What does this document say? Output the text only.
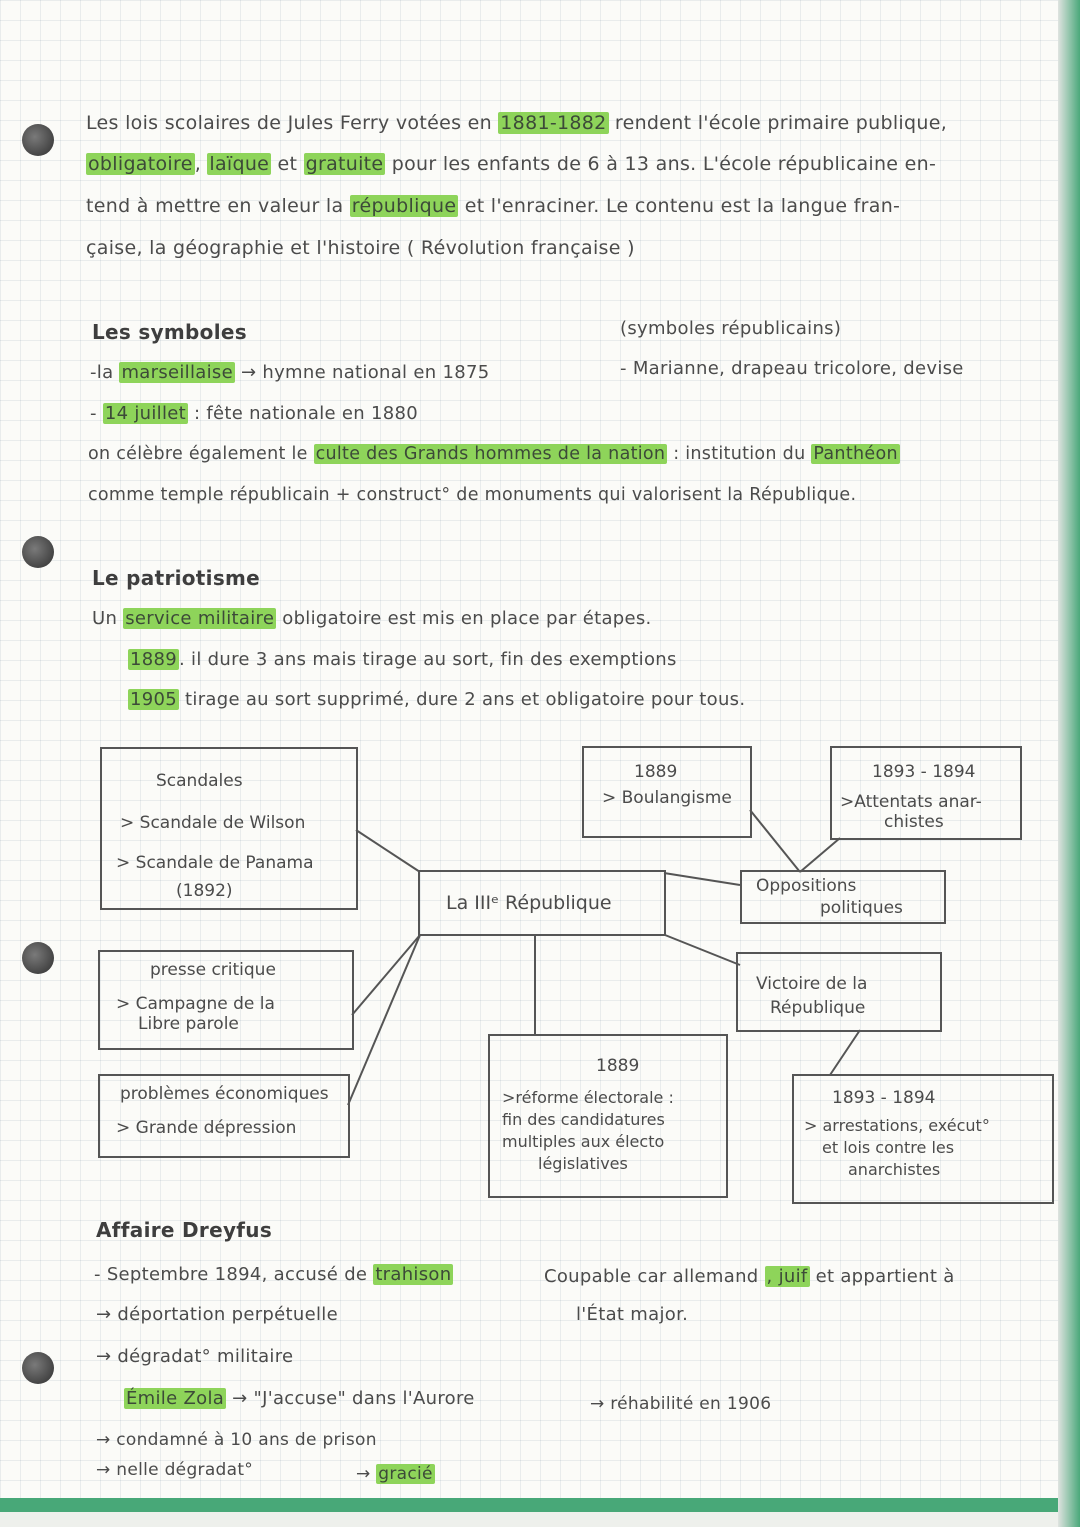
Les lois scolaires de Jules Ferry votées en 1881-1882 rendent l'école primaire publique,
obligatoire , laïque et gratuite pour les enfants de 6 à 13 ans. L'école républicaine en-
tend à mettre en valeur la république et l'enraciner. Le contenu est la langue fran-
çaise, la géographie et l'histoire ( Révolution française )
Les symboles	(symboles républicains)
- Marianne, drapeau tricolore, devise
-la marseillaise → hymne national en 1875
- 14 juillet : fête nationale en 1880
on célèbre également le culte des Grands hommes de la nation : institution du Panthéon
comme temple républicain + construct° de monuments qui valorisent la République.
Le patriotisme
Un service militaire obligatoire est mis en place par étapes.
1889 . il dure 3 ans mais tirage au sort, fin des exemptions
1905 tirage au sort supprimé, dure 2 ans et obligatoire pour tous.
Scandales
> Scandale de Wilson
> Scandale de Panama
(1892)
presse critique
> Campagne de la
Libre parole
problèmes économiques
> Grande dépression
La IIIᵉ République
1889
> Boulangisme
1893 - 1894
>Attentats anar-
chistes
Oppositions
politiques
Victoire de la
République
1889
>réforme électorale :
fin des candidatures
multiples aux électo
législatives
1893 - 1894
> arrestations, exécut°
et lois contre les
anarchistes
Affaire Dreyfus
- Septembre 1894, accusé de trahison	Coupable car allemand , juif et appartient à
l'État major.
→ déportation perpétuelle
→ dégradat° militaire
Émile Zola → "J'accuse" dans l'Aurore	→ réhabilité en 1906
→ condamné à 10 ans de prison
→ nelle dégradat°	→ gracié
